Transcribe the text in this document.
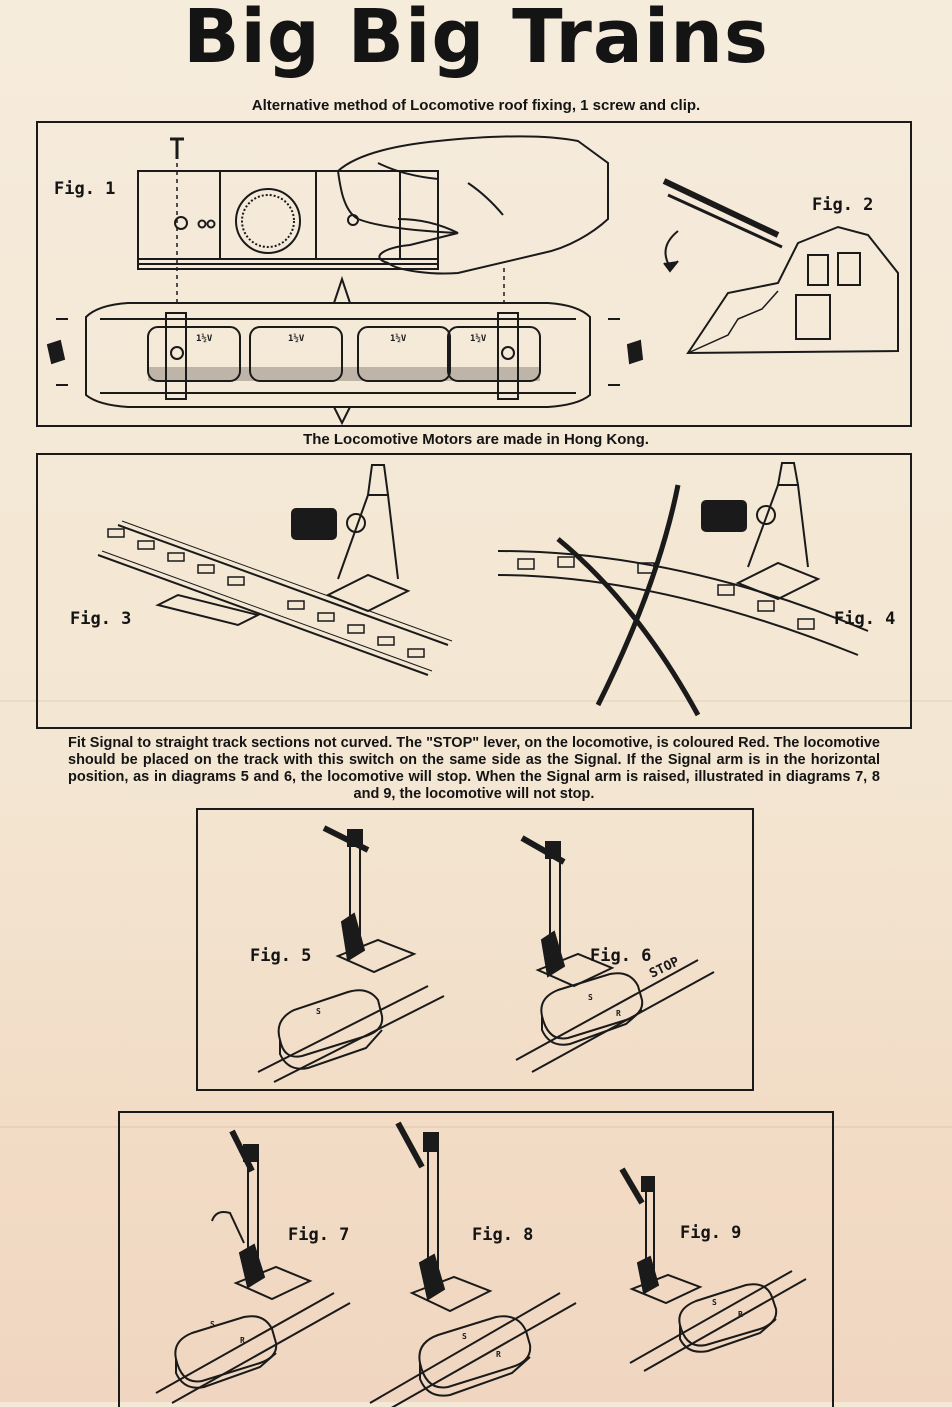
Big Big Trains

Alternative method of Locomotive roof fixing, 1 screw and clip.

1½V	1½V	1½V	1½V
Fig. 1
Fig. 2

The Locomotive Motors are made in Hong Kong.

Fig. 3	Fig. 4

Fit Signal to straight track sections not curved. The "STOP" lever, on the locomotive, is coloured Red. The locomotive should be placed on the track with this switch on the same side as the Signal. If the Signal arm is in the horizontal position, as in diagrams 5 and 6, the locomotive will stop. When the Signal arm is raised, illustrated in diagrams 7, 8 and 9, the locomotive will not stop.

S
S
R
STOP
Fig. 5	Fig. 6
S
R	S
R
S
R
Fig. 7	Fig. 8	Fig. 9
